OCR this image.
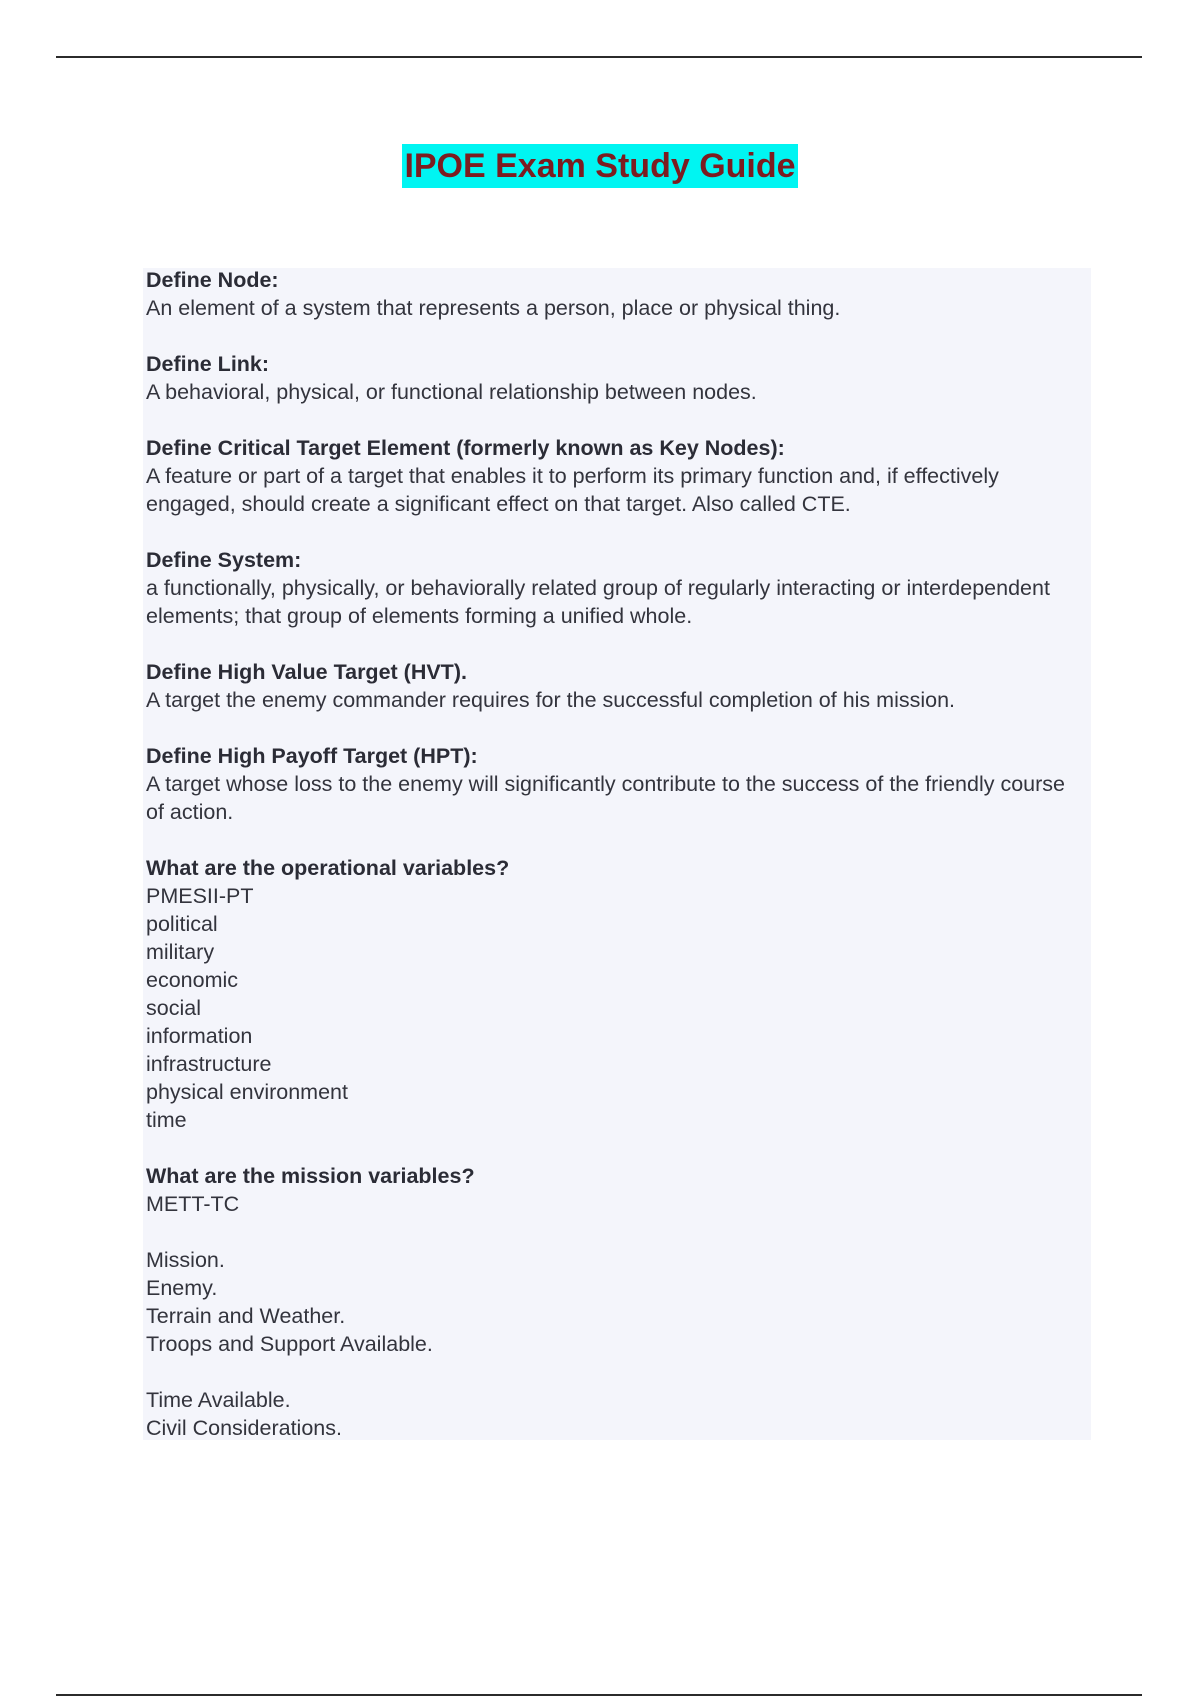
IPOE Exam Study Guide
Define Node:
An element of a system that represents a person, place or physical thing.
Define Link:
A behavioral, physical, or functional relationship between nodes.
Define Critical Target Element (formerly known as Key Nodes):
A feature or part of a target that enables it to perform its primary function and, if effectively engaged, should create a significant effect on that target. Also called CTE.
Define System:
a functionally, physically, or behaviorally related group of regularly interacting or interdependent elements; that group of elements forming a unified whole.
Define High Value Target (HVT).
A target the enemy commander requires for the successful completion of his mission.
Define High Payoff Target (HPT):
A target whose loss to the enemy will significantly contribute to the success of the friendly course of action.
What are the operational variables?
PMESII-PT
political
military
economic
social
information
infrastructure
physical environment
time
What are the mission variables?
METT-TC
Mission.
Enemy.
Terrain and Weather.
Troops and Support Available.
Time Available.
Civil Considerations.
